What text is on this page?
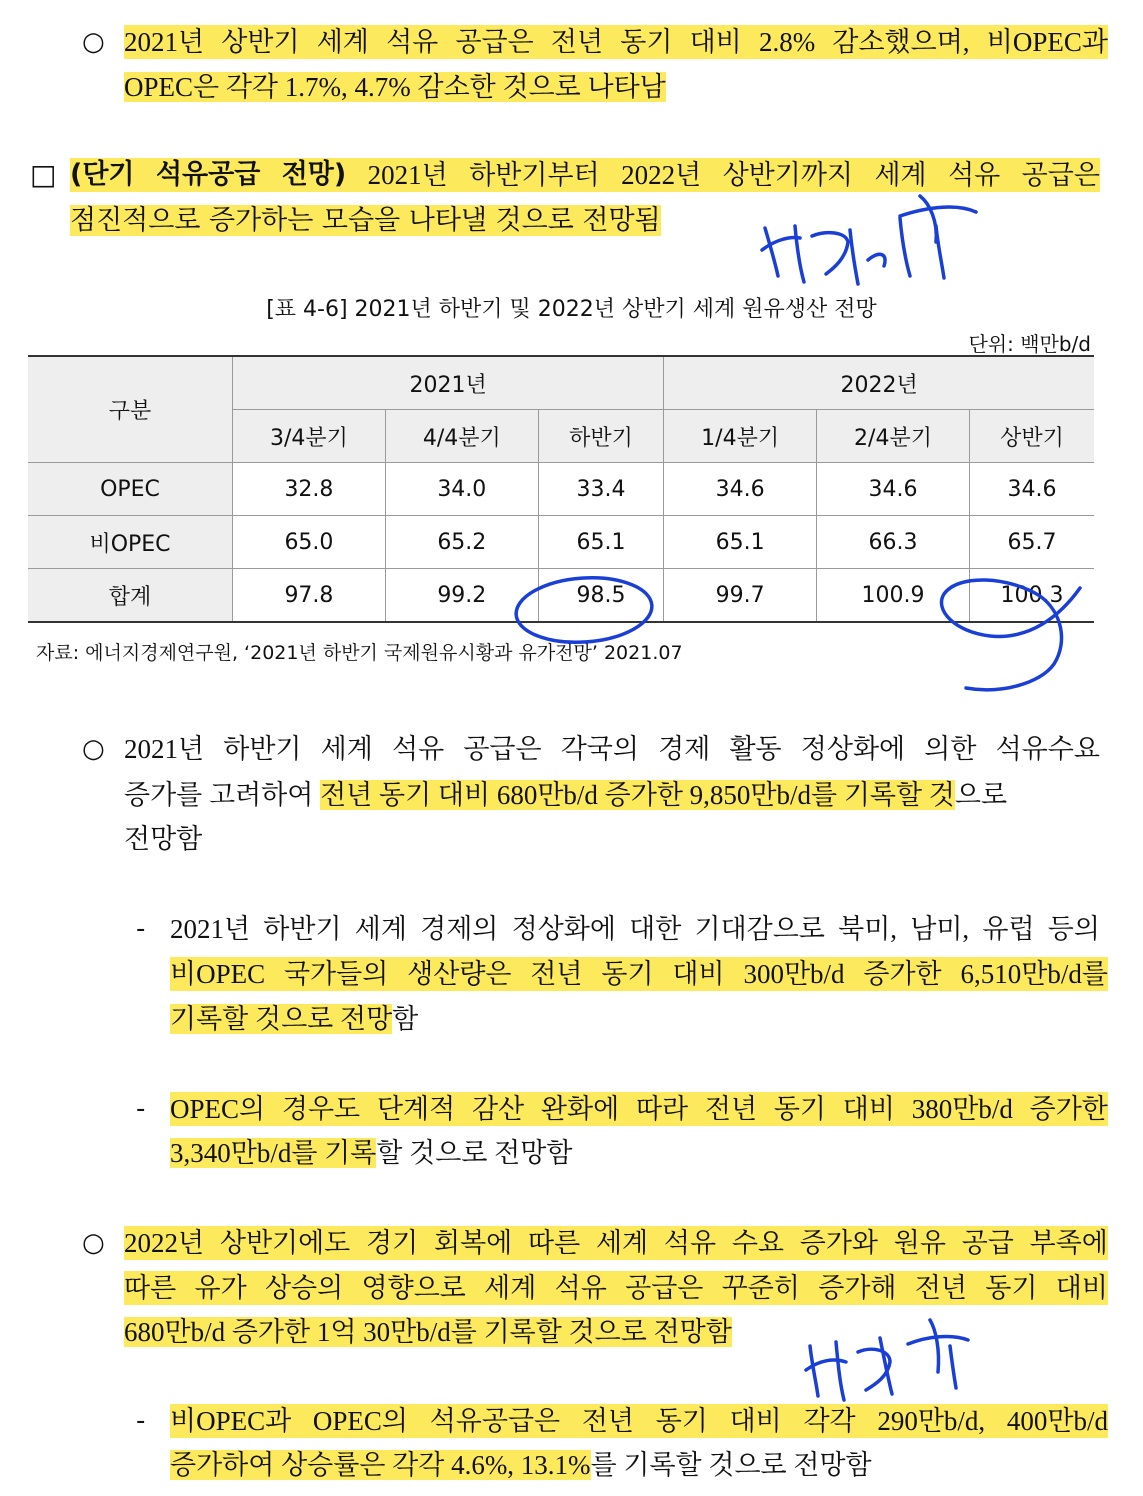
○ 2021년 상반기 세계 석유 공급은 전년 동기 대비 2.8% 감소했으며, 비OPEC과
OPEC은 각각 1.7%, 4.7% 감소한 것으로 나타남
□ (단기 석유공급 전망) 2021년 하반기부터 2022년 상반기까지 세계 석유 공급은
점진적으로 증가하는 모습을 나타낼 것으로 전망됨
[표 4-6] 2021년 하반기 및 2022년 상반기 세계 원유생산 전망
단위: 백만b/d
구분	2021년			2022년		
	3/4분기	4/4분기	하반기	1/4분기	2/4분기	상반기
OPEC	32.8	34.0	33.4	34.6	34.6	34.6
비OPEC	65.0	65.2	65.1	65.1	66.3	65.7
합계	97.8	99.2	98.5	99.7	100.9	100.3
자료: 에너지경제연구원, ‘2021년 하반기 국제원유시황과 유가전망’ 2021.07
○ 2021년 하반기 세계 석유 공급은 각국의 경제 활동 정상화에 의한 석유수요
증가를 고려하여 전년 동기 대비 680만b/d 증가한 9,850만b/d를 기록할 것으로
전망함
- 2021년 하반기 세계 경제의 정상화에 대한 기대감으로 북미, 남미, 유럽 등의
비OPEC 국가들의 생산량은 전년 동기 대비 300만b/d 증가한 6,510만b/d를
기록할 것으로 전망함
- OPEC의 경우도 단계적 감산 완화에 따라 전년 동기 대비 380만b/d 증가한
3,340만b/d를 기록할 것으로 전망함
○ 2022년 상반기에도 경기 회복에 따른 세계 석유 수요 증가와 원유 공급 부족에
따른 유가 상승의 영향으로 세계 석유 공급은 꾸준히 증가해 전년 동기 대비
680만b/d 증가한 1억 30만b/d를 기록할 것으로 전망함
- 비OPEC과 OPEC의 석유공급은 전년 동기 대비 각각 290만b/d, 400만b/d
증가하여 상승률은 각각 4.6%, 13.1%를 기록할 것으로 전망함
